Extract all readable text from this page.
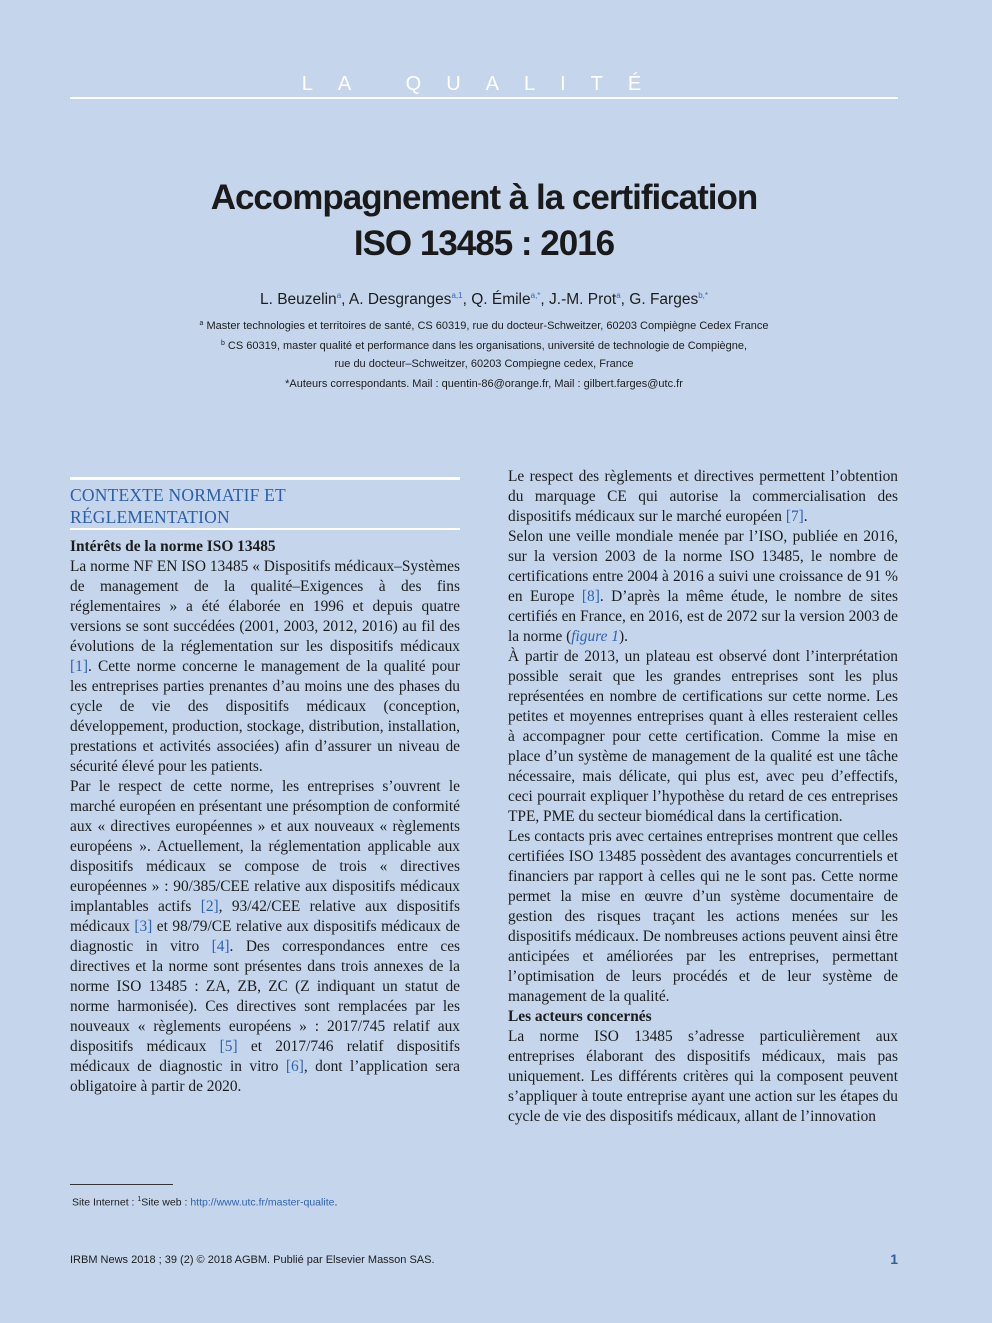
LA QUALITÉ
Accompagnement à la certification
ISO 13485 : 2016
L. Beuzelin$^a$, A. Desgranges$^{a,1}$, Q. Émile$^{a,*}$, J.-M. Prot$^a$, G. Farges$^{b,*}$
$^a$ Master technologies et territoires de santé, CS 60319, rue du docteur-Schweitzer, 60203 Compiègne Cedex France
$^b$ CS 60319, master qualité et performance dans les organisations, université de technologie de Compiègne,
rue du docteur–Schweitzer, 60203 Compiegne cedex, France
*Auteurs correspondants. Mail : quentin-86@orange.fr, Mail : gilbert.farges@utc.fr
CONTEXTE NORMATIF ET
RÉGLEMENTATION

Intérêts de la norme ISO 13485

La norme NF EN ISO 13485 « Dispositifs médicaux–Systèmes de management de la qualité–Exigences à des fins réglementaires » a été élaborée en 1996 et depuis quatre versions se sont succédées (2001, 2003, 2012, 2016) au fil des évolutions de la réglementation sur les dispositifs médicaux [1]. Cette norme concerne le management de la qualité pour les entreprises parties prenantes d’au moins une des phases du cycle de vie des dispositifs médicaux (conception, développement, production, stockage, distribution, installation, prestations et activités associées) afin d’assurer un niveau de sécurité élevé pour les patients.

Par le respect de cette norme, les entreprises s’ouvrent le marché européen en présentant une présomption de conformité aux « directives européennes » et aux nouveaux « règlements européens ». Actuellement, la réglementation applicable aux dispositifs médicaux se compose de trois « directives européennes » : 90/385/CEE relative aux dispositifs médicaux implantables actifs [2], 93/42/CEE relative aux dispositifs médicaux [3] et 98/79/CE relative aux dispositifs médicaux de diagnostic in vitro [4]. Des correspondances entre ces directives et la norme sont présentes dans trois annexes de la norme ISO 13485 : ZA, ZB, ZC (Z indiquant un statut de norme harmonisée). Ces directives sont remplacées par les nouveaux « règlements européens » : 2017/745 relatif aux dispositifs médicaux [5] et 2017/746 relatif dispositifs médicaux de diagnostic in vitro [6], dont l’application sera obligatoire à partir de 2020.

Le respect des règlements et directives permettent l’obtention du marquage CE qui autorise la commercialisation des dispositifs médicaux sur le marché européen [7].

Selon une veille mondiale menée par l’ISO, publiée en 2016, sur la version 2003 de la norme ISO 13485, le nombre de certifications entre 2004 à 2016 a suivi une croissance de 91 % en Europe [8]. D’après la même étude, le nombre de sites certifiés en France, en 2016, est de 2072 sur la version 2003 de la norme (figure 1).

À partir de 2013, un plateau est observé dont l’interprétation possible serait que les grandes entreprises sont les plus représentées en nombre de certifications sur cette norme. Les petites et moyennes entreprises quant à elles resteraient celles à accompagner pour cette certification. Comme la mise en place d’un système de management de la qualité est une tâche nécessaire, mais délicate, qui plus est, avec peu d’effectifs, ceci pourrait expliquer l’hypothèse du retard de ces entreprises TPE, PME du secteur biomédical dans la certification.

Les contacts pris avec certaines entreprises montrent que celles certifiées ISO 13485 possèdent des avantages concurrentiels et financiers par rapport à celles qui ne le sont pas. Cette norme permet la mise en œuvre d’un système documentaire de gestion des risques traçant les actions menées sur les dispositifs médicaux. De nombreuses actions peuvent ainsi être anticipées et améliorées par les entreprises, permettant l’optimisation de leurs procédés et de leur système de management de la qualité.

Les acteurs concernés

La norme ISO 13485 s’adresse particulièrement aux entreprises élaborant des dispositifs médicaux, mais pas uniquement. Les différents critères qui la composent peuvent s’appliquer à toute entreprise ayant une action sur les étapes du cycle de vie des dispositifs médicaux, allant de l’innovation

Site Internet : $^1$Site web : http://www.utc.fr/master-qualite.
IRBM News 2018 ; 39 (2) © 2018 AGBM. Publié par Elsevier Masson SAS.	1
